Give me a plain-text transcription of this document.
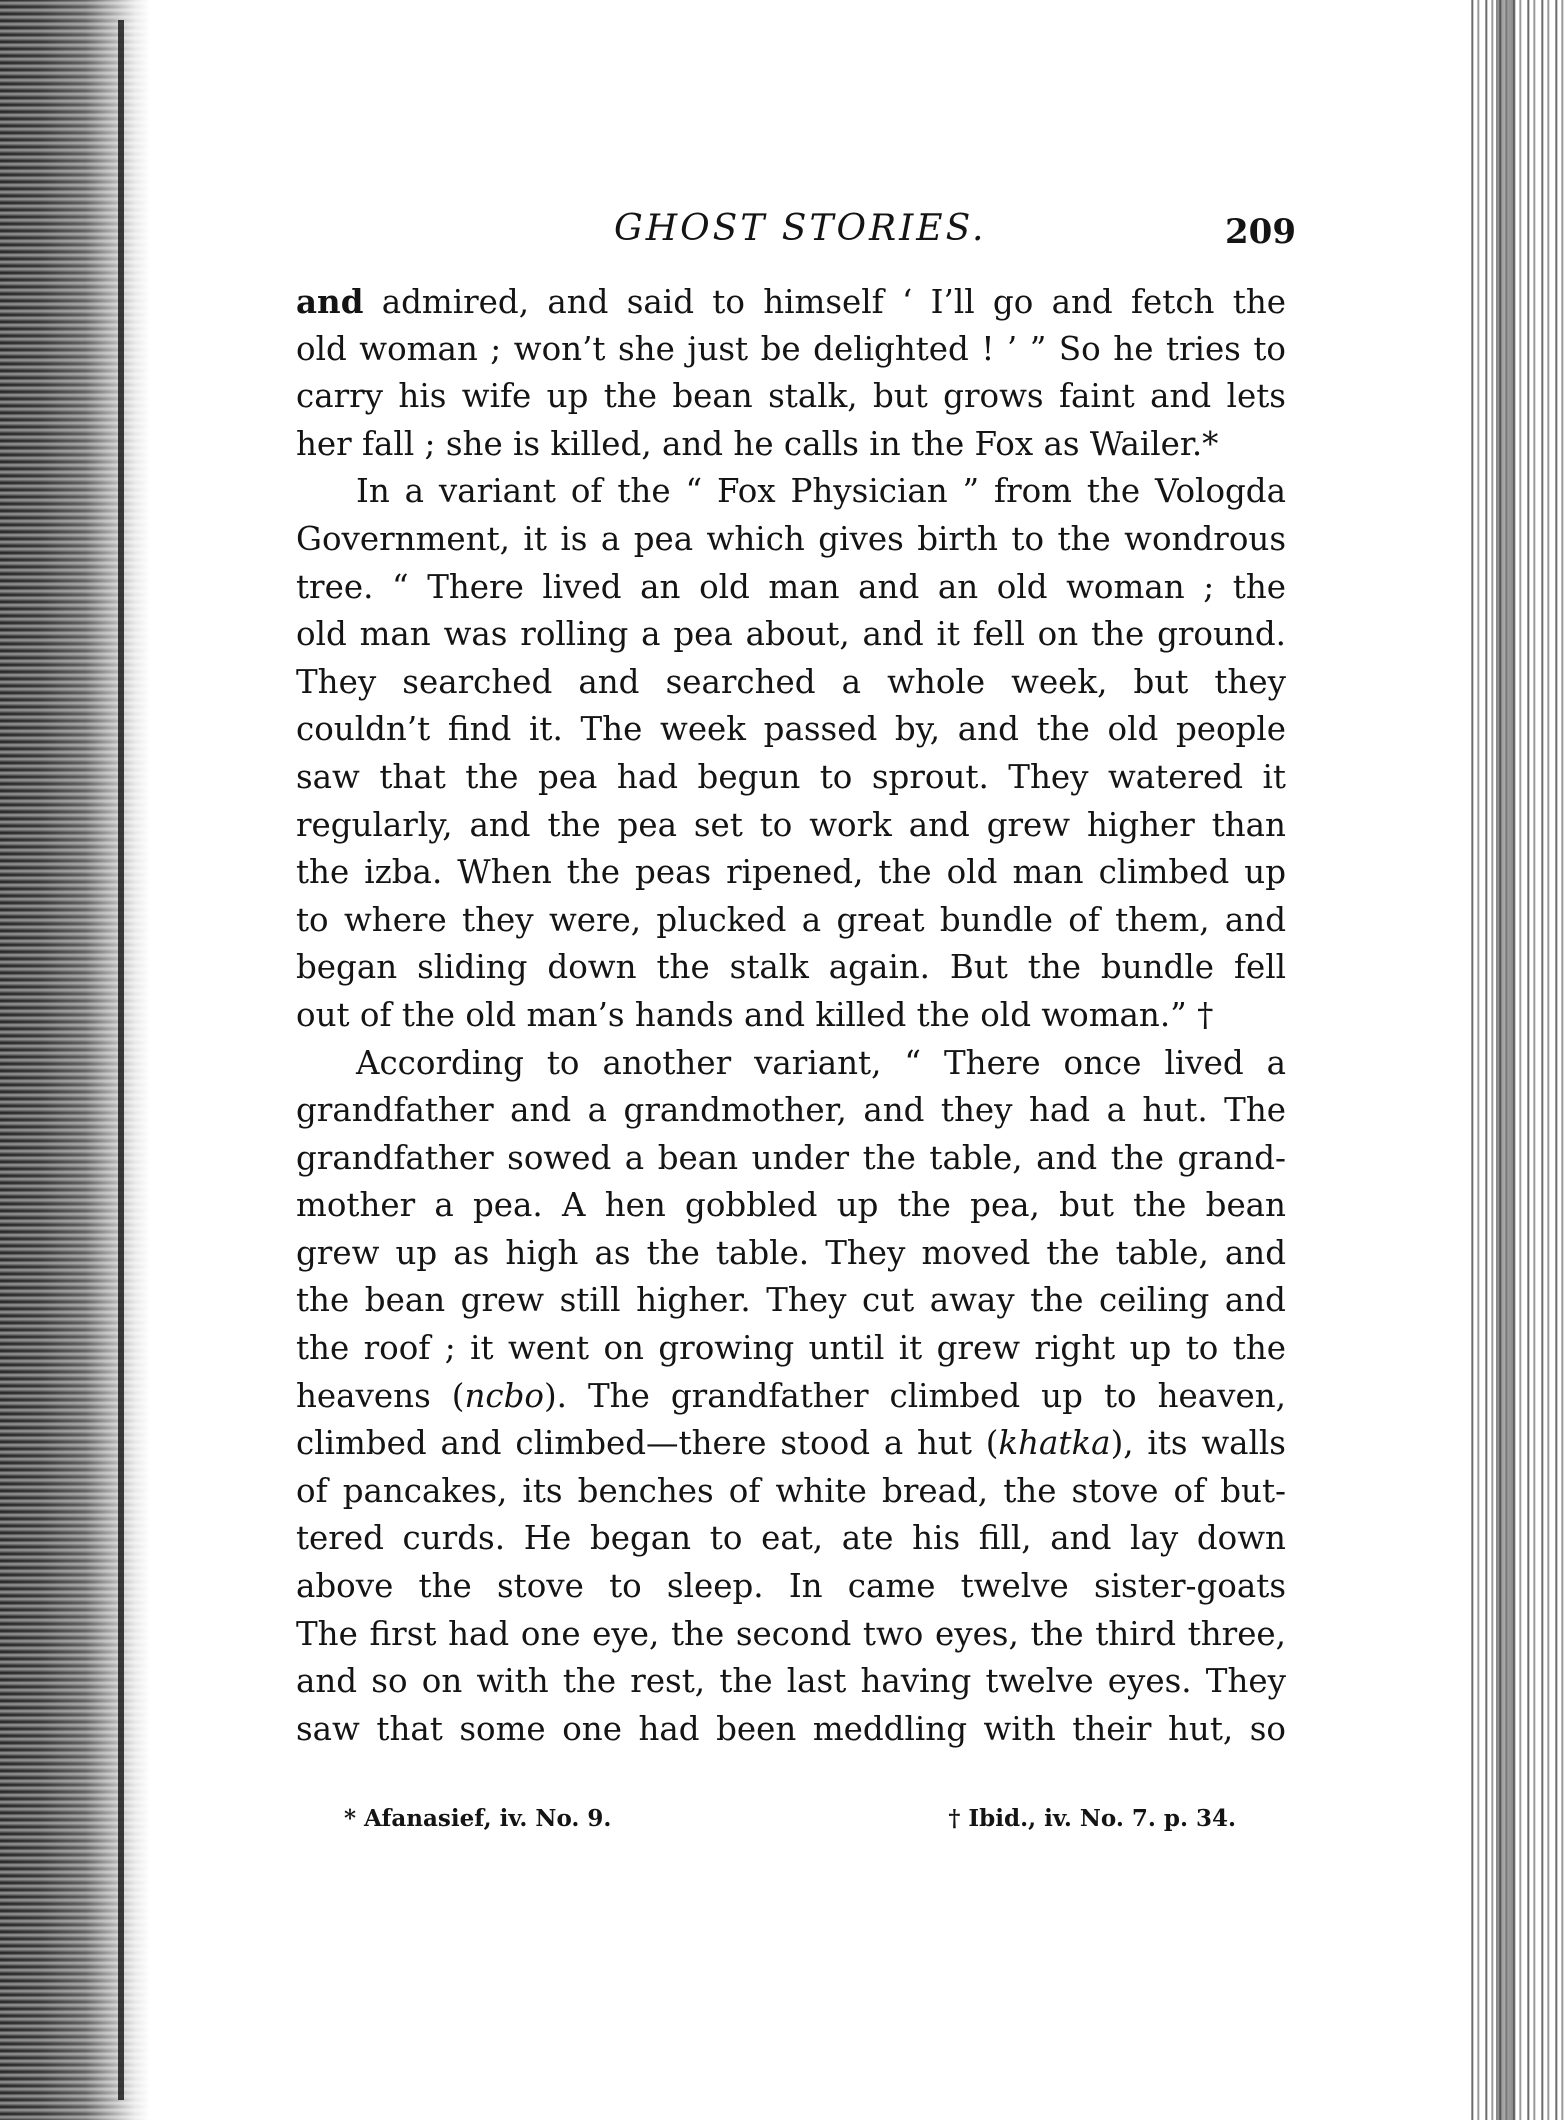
GHOST STORIES.	209
and admired, and said to himself ‘ I’ll go and fetch the
old woman ; won’t she just be delighted ! ’ ” So he tries to
carry his wife up the bean stalk, but grows faint and lets
her fall ; she is killed, and he calls in the Fox as Wailer.*
In a variant of the “ Fox Physician ” from the Vologda
Government, it is a pea which gives birth to the wondrous
tree. “ There lived an old man and an old woman ; the
old man was rolling a pea about, and it fell on the ground.
They searched and searched a whole week, but they
couldn’t find it. The week passed by, and the old people
saw that the pea had begun to sprout. They watered it
regularly, and the pea set to work and grew higher than
the izba. When the peas ripened, the old man climbed up
to where they were, plucked a great bundle of them, and
began sliding down the stalk again. But the bundle fell
out of the old man’s hands and killed the old woman.” †
According to another variant, “ There once lived a
grandfather and a grandmother, and they had a hut. The
grandfather sowed a bean under the table, and the grand-
mother a pea. A hen gobbled up the pea, but the bean
grew up as high as the table. They moved the table, and
the bean grew still higher. They cut away the ceiling and
the roof ; it went on growing until it grew right up to the
heavens (ncbo). The grandfather climbed up to heaven,
climbed and climbed—there stood a hut (khatka), its walls
of pancakes, its benches of white bread, the stove of but-
tered curds. He began to eat, ate his fill, and lay down
above the stove to sleep. In came twelve sister-goats
The first had one eye, the second two eyes, the third three,
and so on with the rest, the last having twelve eyes. They
saw that some one had been meddling with their hut, so
* Afanasief, iv. No. 9.	† Ibid., iv. No. 7. p. 34.
